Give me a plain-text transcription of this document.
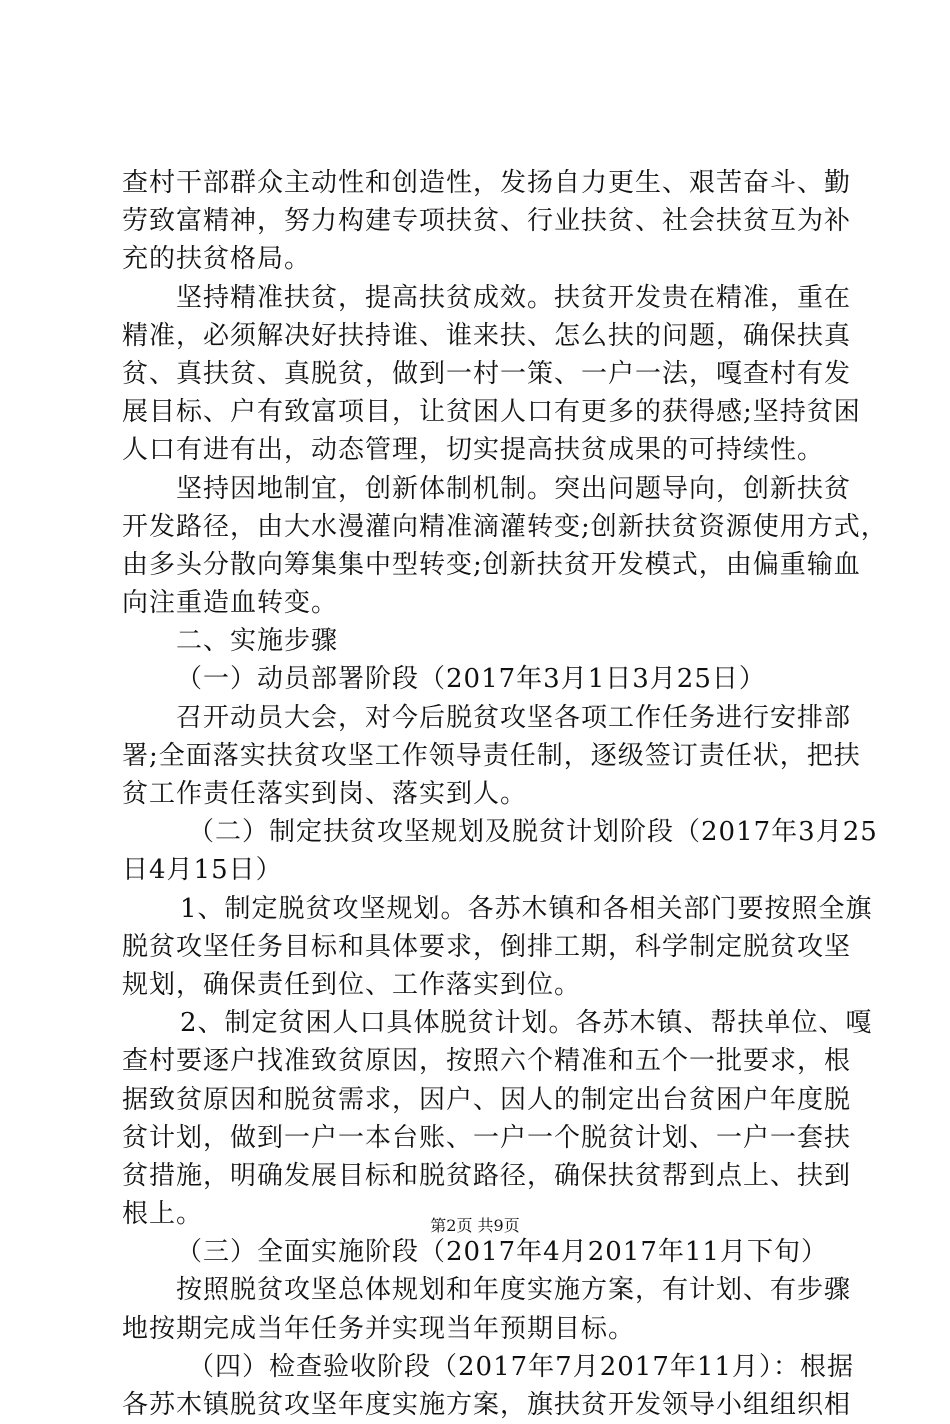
查村干部群众主动性和创造性，发扬自力更生、艰苦奋斗、勤
劳致富精神，努力构建专项扶贫、行业扶贫、社会扶贫互为补
充的扶贫格局。
坚持精准扶贫，提高扶贫成效。扶贫开发贵在精准，重在
精准，必须解决好扶持谁、谁来扶、怎么扶的问题，确保扶真
贫、真扶贫、真脱贫，做到一村一策、一户一法，嘎查村有发
展目标、户有致富项目，让贫困人口有更多的获得感;坚持贫困
人口有进有出，动态管理，切实提高扶贫成果的可持续性。
坚持因地制宜，创新体制机制。突出问题导向，创新扶贫
开发路径，由大水漫灌向精准滴灌转变;创新扶贫资源使用方式，
由多头分散向筹集集中型转变;创新扶贫开发模式，由偏重输血
向注重造血转变。
二、实施步骤
（一）动员部署阶段（2017年3月1日3月25日）
召开动员大会，对今后脱贫攻坚各项工作任务进行安排部
署;全面落实扶贫攻坚工作领导责任制，逐级签订责任状，把扶
贫工作责任落实到岗、落实到人。
（二）制定扶贫攻坚规划及脱贫计划阶段（2017年3月25
日4月15日）
1、制定脱贫攻坚规划。各苏木镇和各相关部门要按照全旗
脱贫攻坚任务目标和具体要求，倒排工期，科学制定脱贫攻坚
规划，确保责任到位、工作落实到位。
2、制定贫困人口具体脱贫计划。各苏木镇、帮扶单位、嘎
查村要逐户找准致贫原因，按照六个精准和五个一批要求，根
据致贫原因和脱贫需求，因户、因人的制定出台贫困户年度脱
贫计划，做到一户一本台账、一户一个脱贫计划、一户一套扶
贫措施，明确发展目标和脱贫路径，确保扶贫帮到点上、扶到
根上。
（三）全面实施阶段（2017年4月2017年11月下旬）
按照脱贫攻坚总体规划和年度实施方案，有计划、有步骤
地按期完成当年任务并实现当年预期目标。
（四）检查验收阶段（2017年7月2017年11月）：根据
各苏木镇脱贫攻坚年度实施方案，旗扶贫开发领导小组组织相
第2页 共9页
